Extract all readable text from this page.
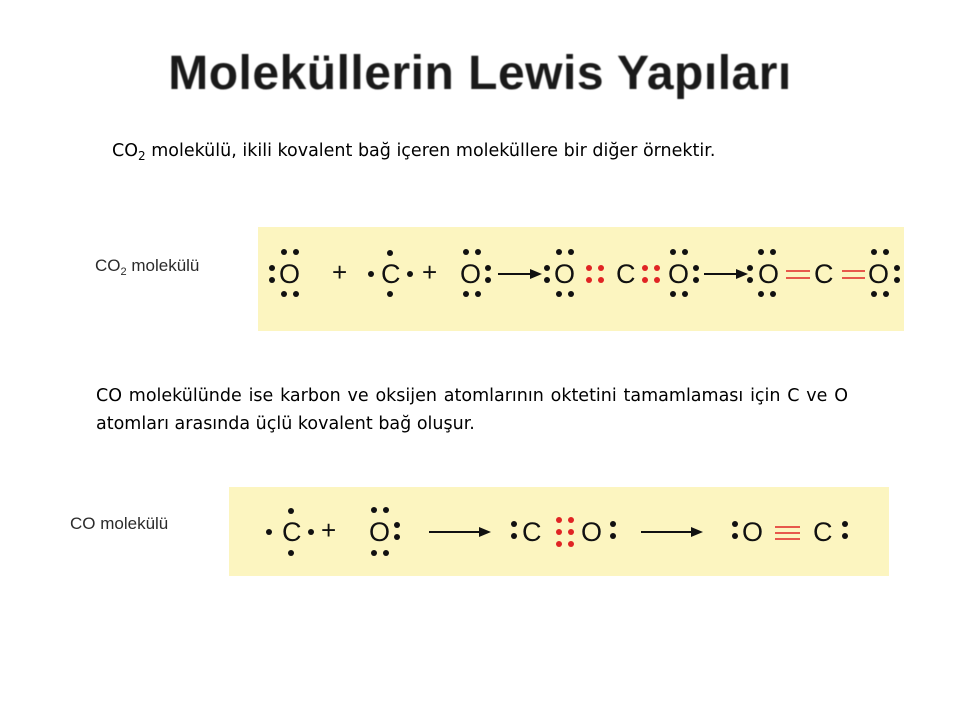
Moleküllerin Lewis Yapıları
$CO_2$ molekülü, ikili kovalent bağ içeren moleküllere bir diğer örnektir.
$CO_2$ molekülü	O + C + O	O C O	O C O
CO molekülünde ise karbon ve oksijen atomlarının oktetini tamamlaması için C ve O atomları arasında üçlü kovalent bağ oluşur.
CO molekülü	C + O	C O	O C
